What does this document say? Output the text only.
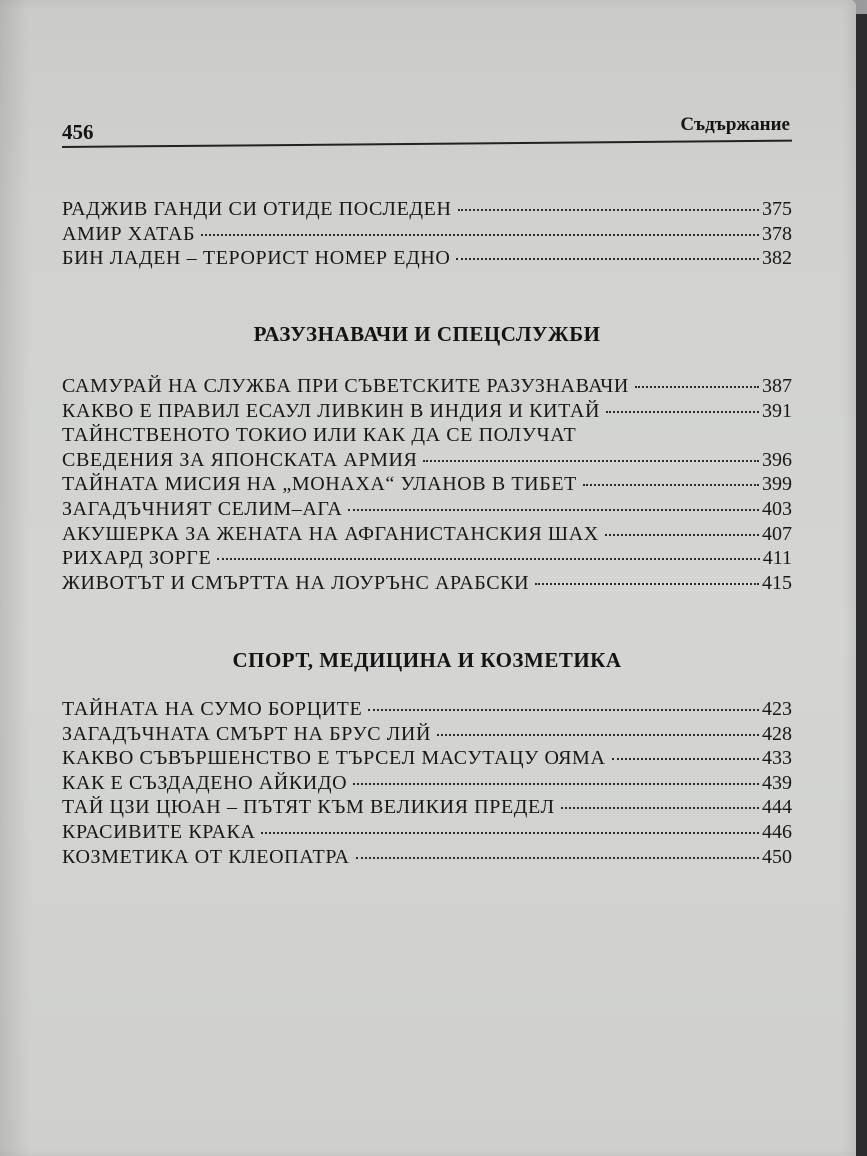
456	Съдържание
РАДЖИВ ГАНДИ СИ ОТИДЕ ПОСЛЕДЕН	375
АМИР ХАТАБ	378
БИН ЛАДЕН – ТЕРОРИСТ НОМЕР ЕДНО	382
РАЗУЗНАВАЧИ И СПЕЦСЛУЖБИ
САМУРАЙ НА СЛУЖБА ПРИ СЪВЕТСКИТЕ РАЗУЗНАВАЧИ	387
КАКВО Е ПРАВИЛ ЕСАУЛ ЛИВКИН В ИНДИЯ И КИТАЙ	391
ТАЙНСТВЕНОТО ТОКИО ИЛИ КАК ДА СЕ ПОЛУЧАТ
СВЕДЕНИЯ ЗА ЯПОНСКАТА АРМИЯ	396
ТАЙНАТА МИСИЯ НА „МОНАХА“ УЛАНОВ В ТИБЕТ	399
ЗАГАДЪЧНИЯТ СЕЛИМ–АГА	403
АКУШЕРКА ЗА ЖЕНАТА НА АФГАНИСТАНСКИЯ ШАХ	407
РИХАРД ЗОРГЕ	411
ЖИВОТЪТ И СМЪРТТА НА ЛОУРЪНС АРАБСКИ	415
СПОРТ, МЕДИЦИНА И КОЗМЕТИКА
ТАЙНАТА НА СУМО БОРЦИТЕ	423
ЗАГАДЪЧНАТА СМЪРТ НА БРУС ЛИЙ	428
КАКВО СЪВЪРШЕНСТВО Е ТЪРСЕЛ МАСУТАЦУ ОЯМА	433
КАК Е СЪЗДАДЕНО АЙКИДО	439
ТАЙ ЦЗИ ЦЮАН – ПЪТЯТ КЪМ ВЕЛИКИЯ ПРЕДЕЛ	444
КРАСИВИТЕ КРАКА	446
КОЗМЕТИКА ОТ КЛЕОПАТРА	450
